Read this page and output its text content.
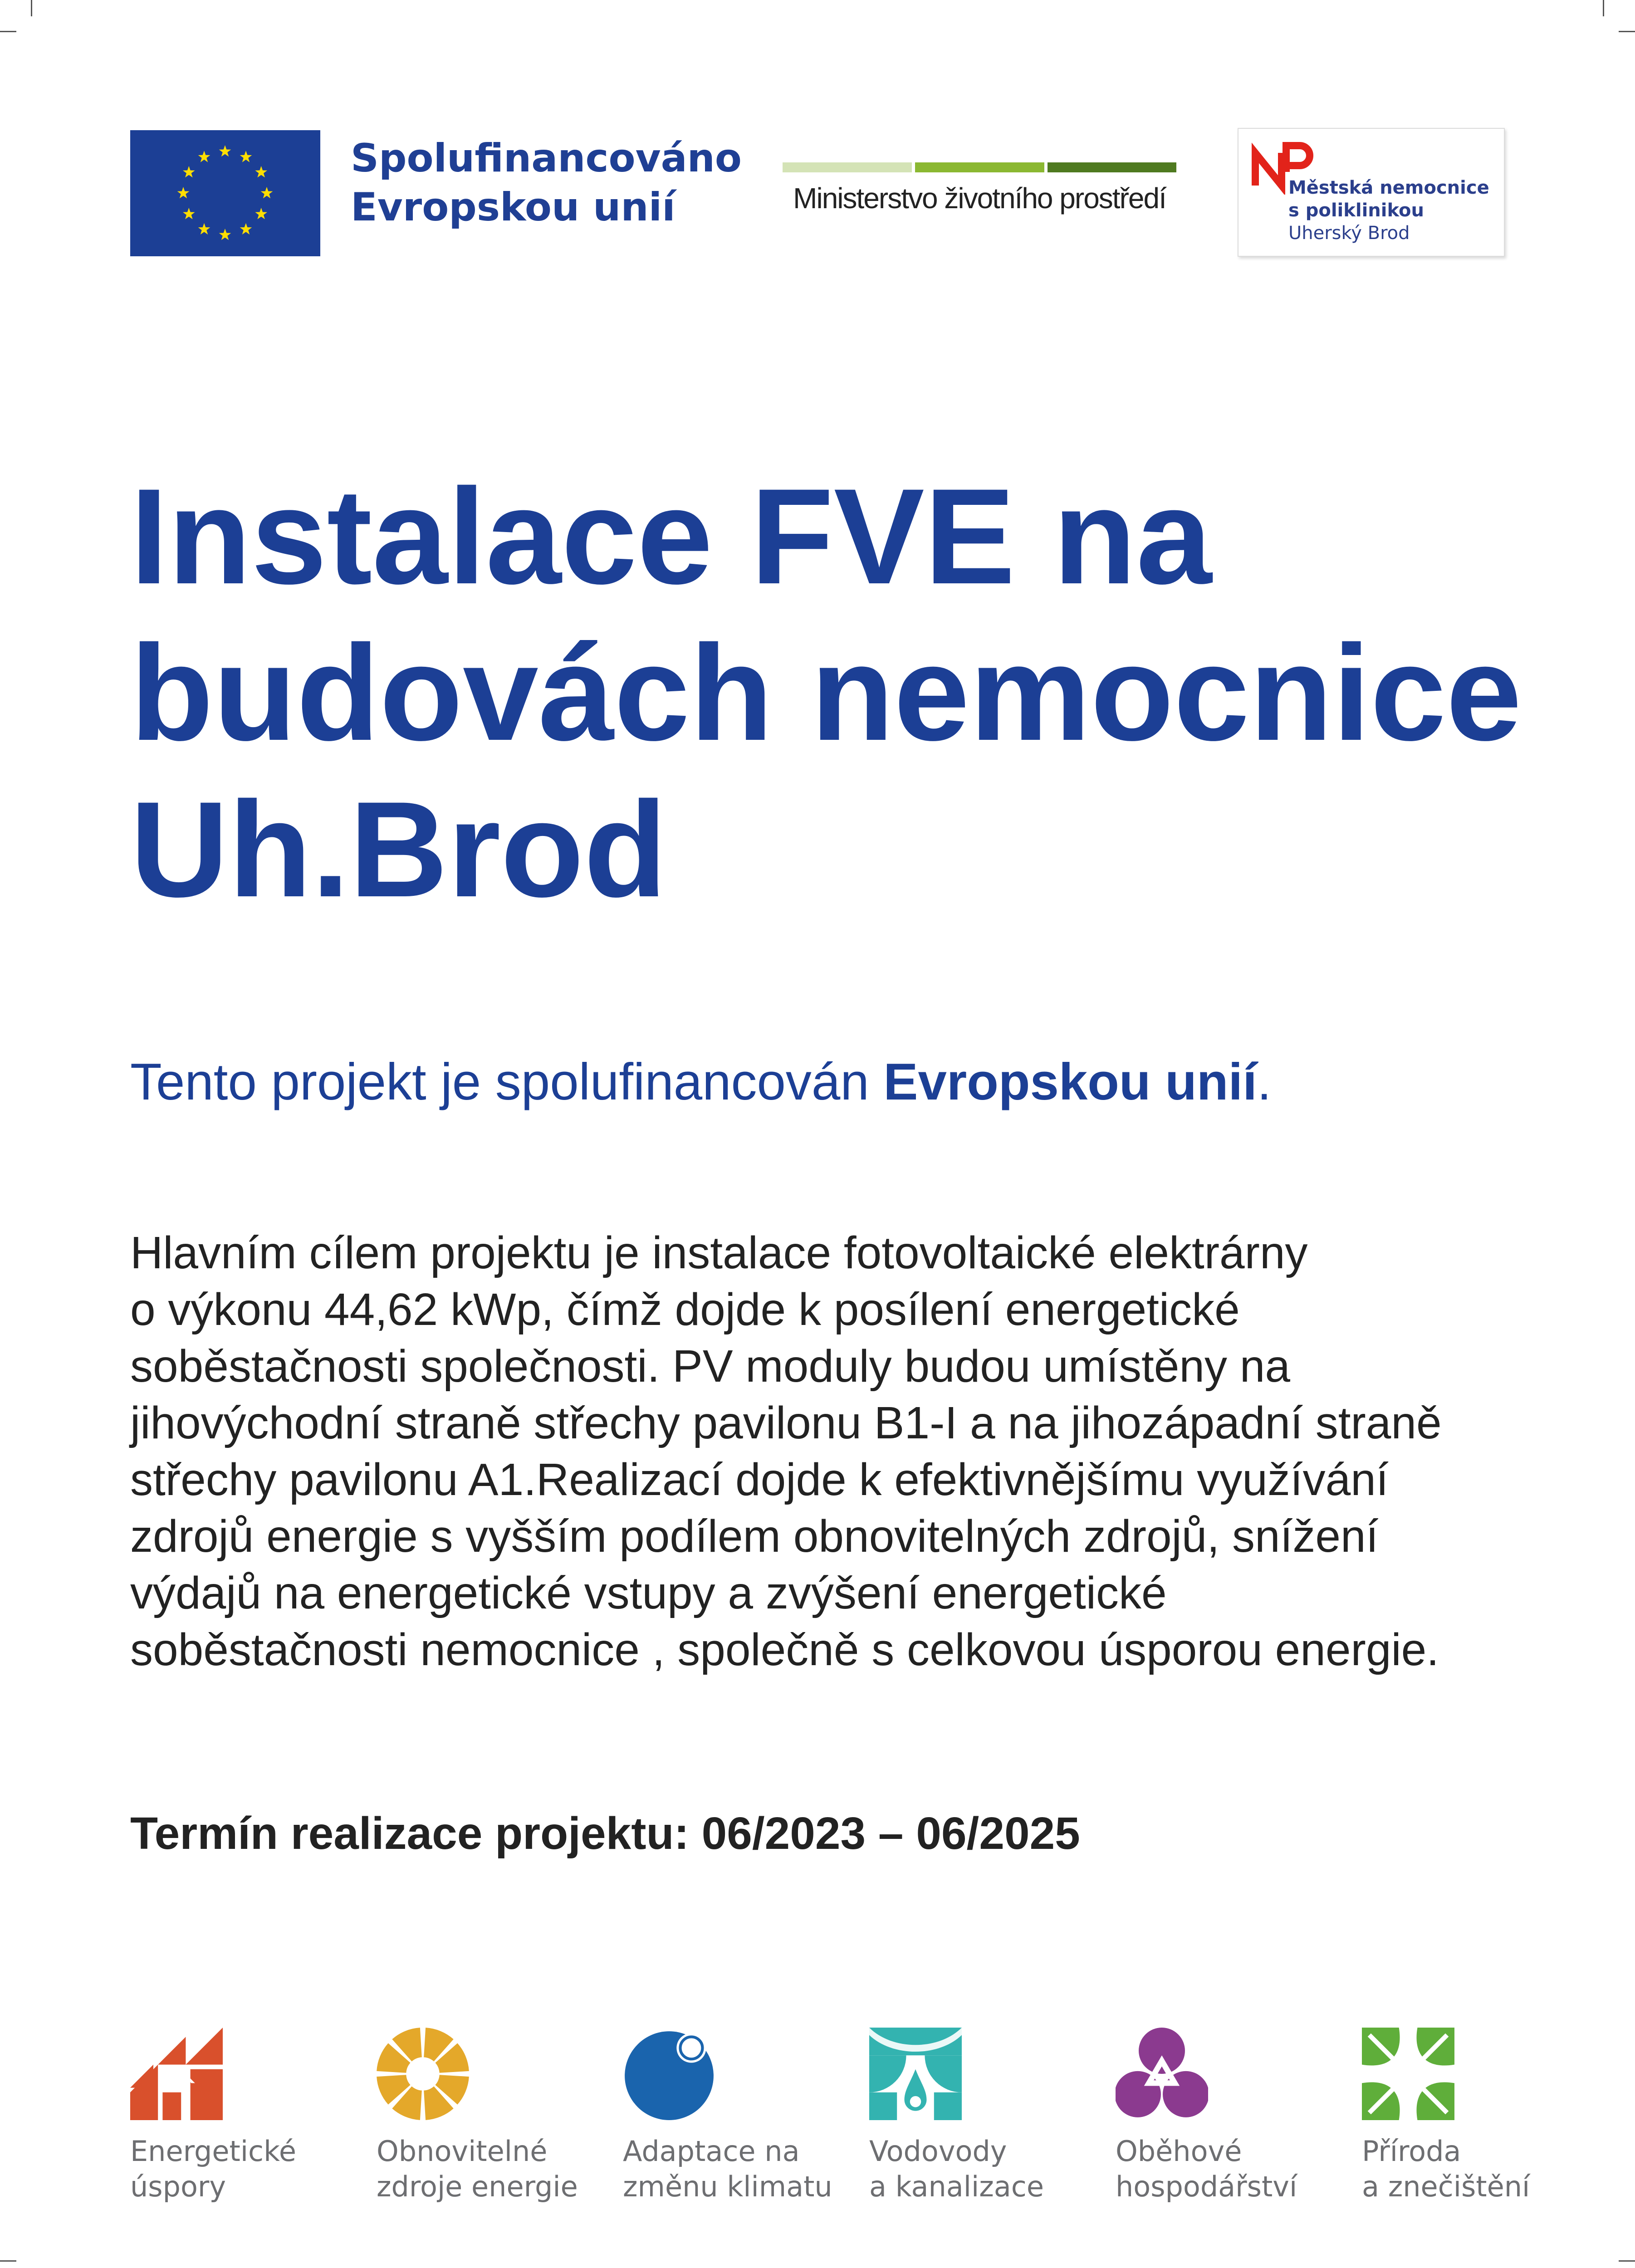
Spolufinancováno
Evropskou unií	Ministerstvo životního prostředí	Městská nemocnice
s poliklinikou
Uherský Brod
Instalace FVE na
budovách nemocnice
Uh.Brod
Tento projekt je spolufinancován Evropskou unií.
Hlavním cílem projektu je instalace fotovoltaické elektrárny
o výkonu 44,62 kWp, čímž dojde k posílení energetické
soběstačnosti společnosti. PV moduly budou umístěny na
jihovýchodní straně střechy pavilonu B1-I a na jihozápadní straně
střechy pavilonu A1.Realizací dojde k efektivnějšímu využívání
zdrojů energie s vyšším podílem obnovitelných zdrojů, snížení
výdajů na energetické vstupy a zvýšení energetické
soběstačnosti nemocnice , společně s celkovou úsporou energie.
Termín realizace projektu: 06/2023 – 06/2025
Energetické
úspory
Obnovitelné
zdroje energie
Adaptace na
změnu klimatu
Vodovody
a kanalizace
Oběhové
hospodářství
Příroda
a znečištění
